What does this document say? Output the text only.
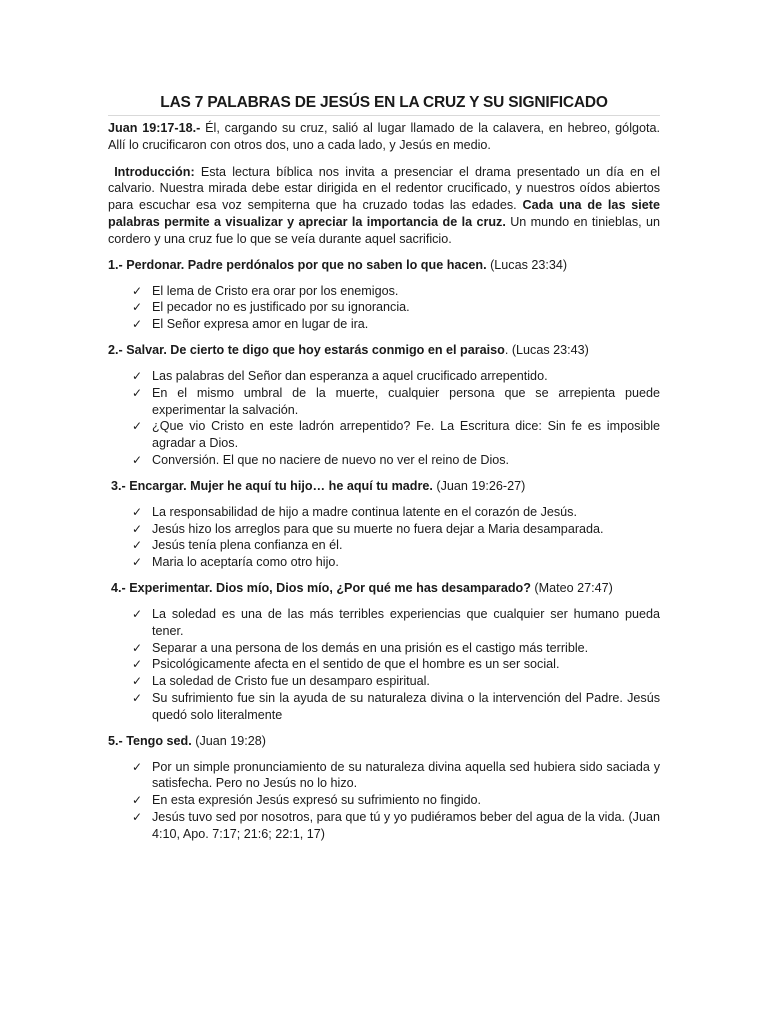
LAS 7 PALABRAS DE JESÚS EN LA CRUZ Y SU SIGNIFICADO

Juan 19:17-18.- Él, cargando su cruz, salió al lugar llamado de la calavera, en hebreo, gólgota. Allí lo crucificaron con otros dos, uno a cada lado, y Jesús en medio.

Introducción: Esta lectura bíblica nos invita a presenciar el drama presentado un día en el calvario. Nuestra mirada debe estar dirigida en el redentor crucificado, y nuestros oídos abiertos para escuchar esa voz sempiterna que ha cruzado todas las edades. Cada una de las siete palabras permite a visualizar y apreciar la importancia de la cruz. Un mundo en tinieblas, un cordero y una cruz fue lo que se veía durante aquel sacrificio.

1.- Perdonar. Padre perdónalos por que no saben lo que hacen. (Lucas 23:34)

✓ El lema de Cristo era orar por los enemigos.
✓ El pecador no es justificado por su ignorancia.
✓ El Señor expresa amor en lugar de ira.

2.- Salvar. De cierto te digo que hoy estarás conmigo en el paraiso. (Lucas 23:43)

✓ Las palabras del Señor dan esperanza a aquel crucificado arrepentido.
✓ En el mismo umbral de la muerte, cualquier persona que se arrepienta puede experimentar la salvación.
✓ ¿Que vio Cristo en este ladrón arrepentido? Fe. La Escritura dice: Sin fe es imposible agradar a Dios.
✓ Conversión. El que no naciere de nuevo no ver el reino de Dios.

3.- Encargar. Mujer he aquí tu hijo… he aquí tu madre. (Juan 19:26-27)

✓ La responsabilidad de hijo a madre continua latente en el corazón de Jesús.
✓ Jesús hizo los arreglos para que su muerte no fuera dejar a Maria desamparada.
✓ Jesús tenía plena confianza en él.
✓ Maria lo aceptaría como otro hijo.

4.- Experimentar. Dios mío, Dios mío, ¿Por qué me has desamparado? (Mateo 27:47)

✓ La soledad es una de las más terribles experiencias que cualquier ser humano pueda tener.
✓ Separar a una persona de los demás en una prisión es el castigo más terrible.
✓ Psicológicamente afecta en el sentido de que el hombre es un ser social.
✓ La soledad de Cristo fue un desamparo espiritual.
✓ Su sufrimiento fue sin la ayuda de su naturaleza divina o la intervención del Padre. Jesús quedó solo literalmente

5.- Tengo sed. (Juan 19:28)

✓ Por un simple pronunciamiento de su naturaleza divina aquella sed hubiera sido saciada y satisfecha. Pero no Jesús no lo hizo.
✓ En esta expresión Jesús expresó su sufrimiento no fingido.
✓ Jesús tuvo sed por nosotros, para que tú y yo pudiéramos beber del agua de la vida. (Juan 4:10, Apo. 7:17; 21:6; 22:1, 17)
